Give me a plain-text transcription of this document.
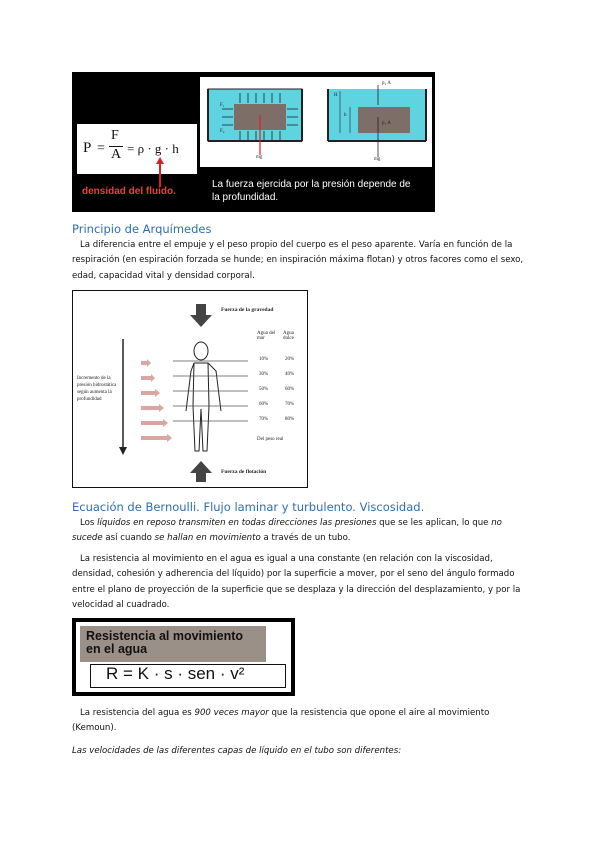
P =
F
A = ρ · g · h
densidad del fluido.
F₁
F₂
mg
p₂ A
p₁ A
H
h
mg
La fuerza ejercida por la presión depende de
la profundidad.
Principio de Arquímedes
La diferencia entre el empuje y el peso propio del cuerpo es el peso aparente. Varía en función de la respiración (en espiración forzada se hunde; en inspiración máxima flotan) y otros facores como el sexo, edad, capacidad vital y densidad corporal.
Fuerza de la gravedad
Fuerza de flotación
Agua del mar
Agua dulce
Incremento de la presión hidrostática según aumenta la profundidad
10%	20%
30%	40%
50%	60%
60%	70%
70%	80%
Del peso real
Ecuación de Bernoulli. Flujo laminar y turbulento. Viscosidad.
Los líquidos en reposo transmiten en todas direcciones las presiones que se les aplican, lo que no sucede así cuando se hallan en movimiento a través de un tubo.
La resistencia al movimiento en el agua es igual a una constante (en relación con la viscosidad, densidad, cohesión y adherencia del líquido) por la superficie a mover, por el seno del ángulo formado entre el plano de proyección de la superficie que se desplaza y la dirección del desplazamiento, y por la velocidad al cuadrado.
Resistencia al movimiento
en el agua
R = K · s · sen · v²
La resistencia del agua es 900 veces mayor que la resistencia que opone el aire al movimiento (Kemoun).
Las velocidades de las diferentes capas de líquido en el tubo son diferentes:
